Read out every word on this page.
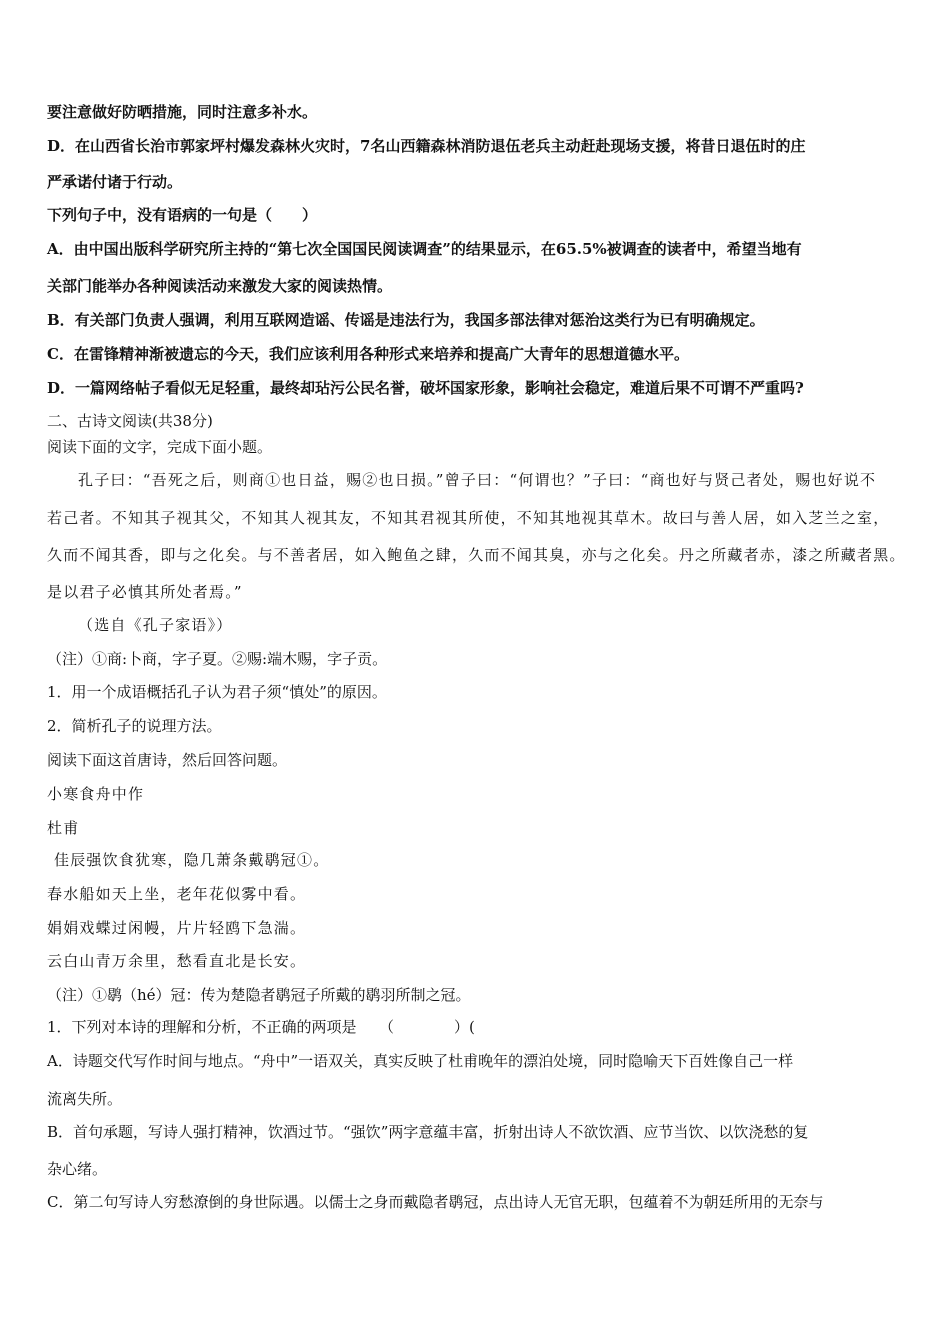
要注意做好防晒措施，同时注意多补水。
D．在山西省长治市郭家坪村爆发森林火灾时，7名山西籍森林消防退伍老兵主动赶赴现场支援，将昔日退伍时的庄
严承诺付诸于行动。
下列句子中，没有语病的一句是（　　）
A．由中国出版科学研究所主持的“第七次全国国民阅读调查”的结果显示，在65.5%被调查的读者中，希望当地有
关部门能举办各种阅读活动来激发大家的阅读热情。
B．有关部门负责人强调，利用互联网造谣、传谣是违法行为，我国多部法律对惩治这类行为已有明确规定。
C．在雷锋精神渐被遗忘的今天，我们应该利用各种形式来培养和提高广大青年的思想道德水平。
D．一篇网络帖子看似无足轻重，最终却玷污公民名誉，破坏国家形象，影响社会稳定，难道后果不可谓不严重吗?
二、古诗文阅读(共38分)
阅读下面的文字，完成下面小题。
孔子曰：“吾死之后，则商①也日益，赐②也日损。”曾子曰：“何谓也？”子曰：“商也好与贤己者处，赐也好说不
若己者。不知其子视其父，不知其人视其友，不知其君视其所使，不知其地视其草木。故曰与善人居，如入芝兰之室，
久而不闻其香，即与之化矣。与不善者居，如入鲍鱼之肆，久而不闻其臭，亦与之化矣。丹之所藏者赤，漆之所藏者黑。
是以君子必慎其所处者焉。”
（选自《孔子家语》）
（注）①商:卜商，字子夏。②赐:端木赐，字子贡。
1．用一个成语概括孔子认为君子须“慎处”的原因。
2．简析孔子的说理方法。
阅读下面这首唐诗，然后回答问题。
小寒食舟中作
杜甫
佳辰强饮食犹寒，隐几萧条戴鹖冠①。
春水船如天上坐，老年花似雾中看。
娟娟戏蝶过闲幔，片片轻鸥下急湍。
云白山青万余里，愁看直北是长安。
（注）①鹖（hé）冠：传为楚隐者鹖冠子所戴的鹖羽所制之冠。
1．下列对本诗的理解和分析，不正确的两项是　　（　　　　）(
A．诗题交代写作时间与地点。“舟中”一语双关，真实反映了杜甫晚年的漂泊处境，同时隐喻天下百姓像自己一样
流离失所。
B．首句承题，写诗人强打精神，饮酒过节。“强饮”两字意蕴丰富，折射出诗人不欲饮酒、应节当饮、以饮浇愁的复
杂心绪。
C．第二句写诗人穷愁潦倒的身世际遇。以儒士之身而戴隐者鹖冠，点出诗人无官无职，包蕴着不为朝廷所用的无奈与
